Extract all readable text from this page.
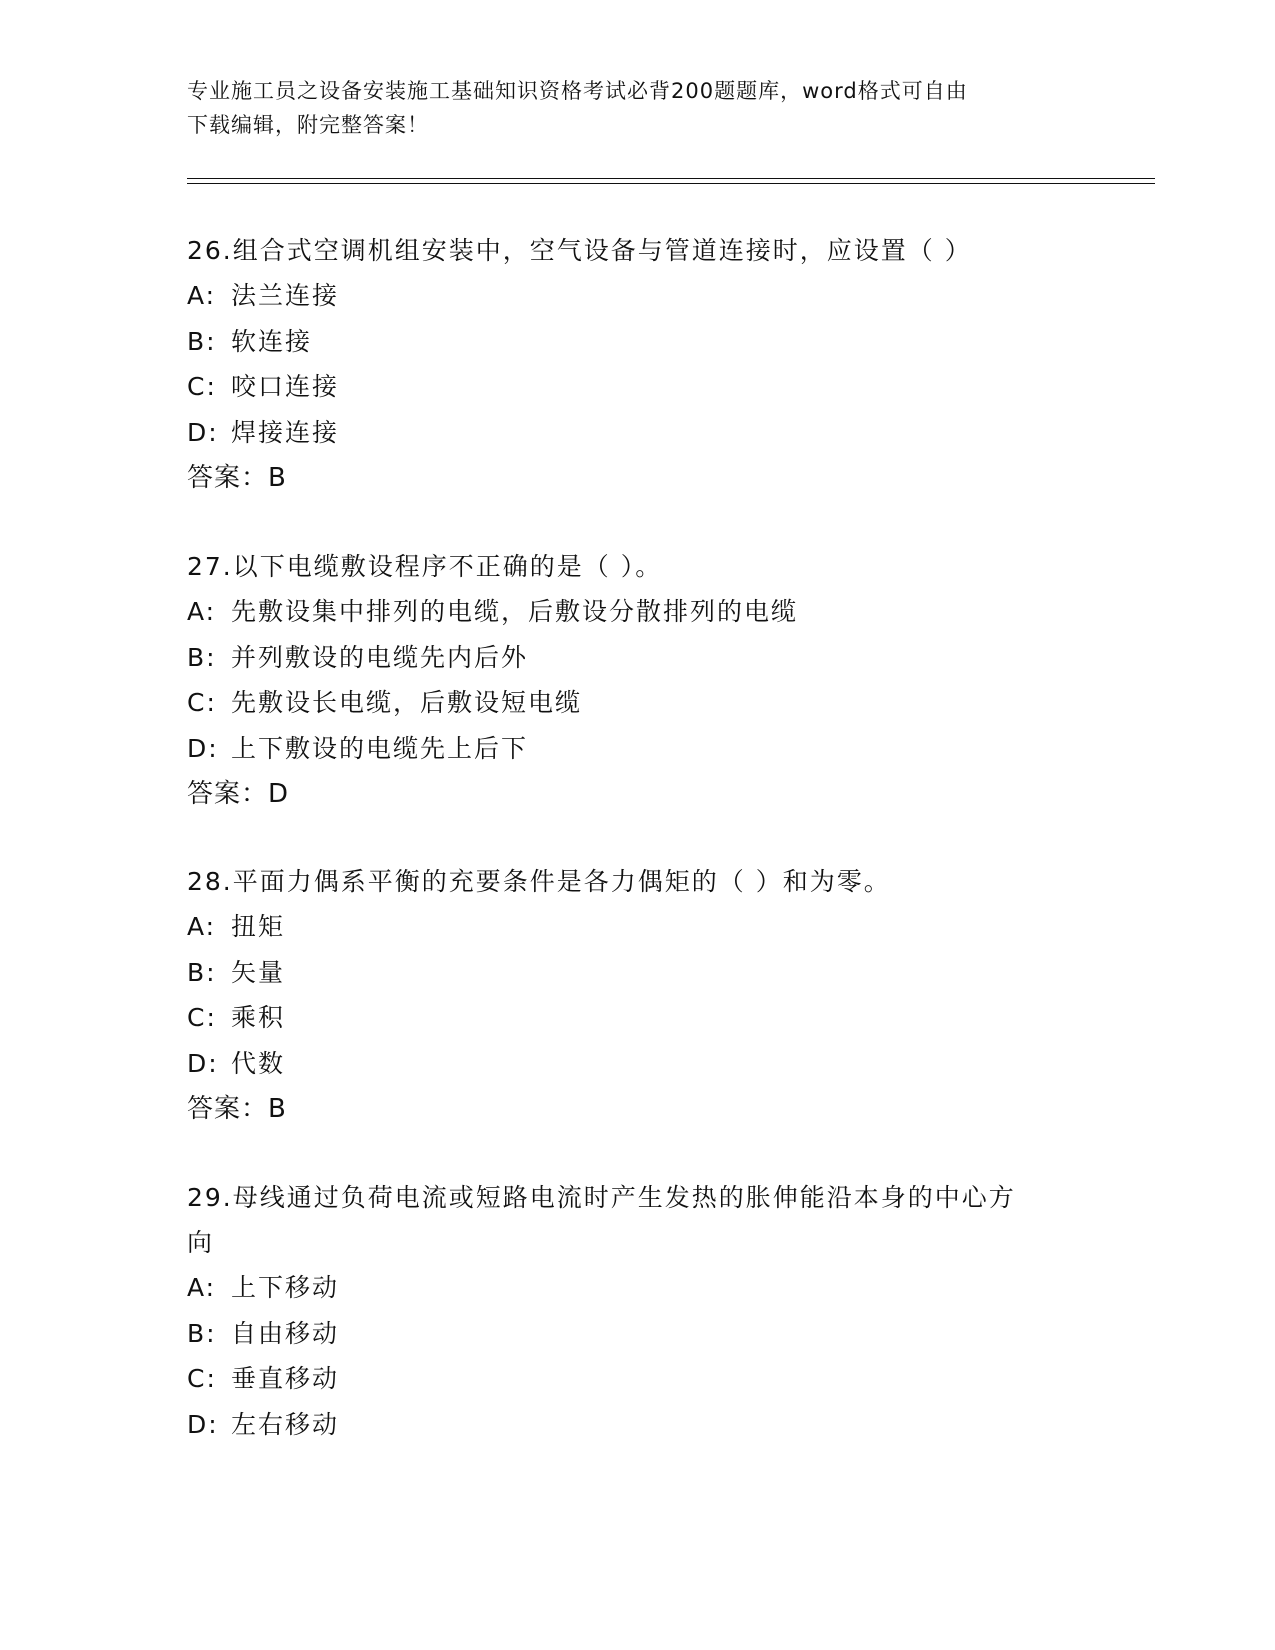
专业施工员之设备安装施工基础知识资格考试必背200题题库，word格式可自由
下载编辑，附完整答案！
26.组合式空调机组安装中，空气设备与管道连接时，应设置（ ）
A: 法兰连接
B: 软连接
C: 咬口连接
D: 焊接连接
答案：B
27.以下电缆敷设程序不正确的是（ ）。
A: 先敷设集中排列的电缆，后敷设分散排列的电缆
B: 并列敷设的电缆先内后外
C: 先敷设长电缆，后敷设短电缆
D: 上下敷设的电缆先上后下
答案：D
28.平面力偶系平衡的充要条件是各力偶矩的（ ）和为零。
A: 扭矩
B: 矢量
C: 乘积
D: 代数
答案：B
29.母线通过负荷电流或短路电流时产生发热的胀伸能沿本身的中心方
向
A: 上下移动
B: 自由移动
C: 垂直移动
D: 左右移动
